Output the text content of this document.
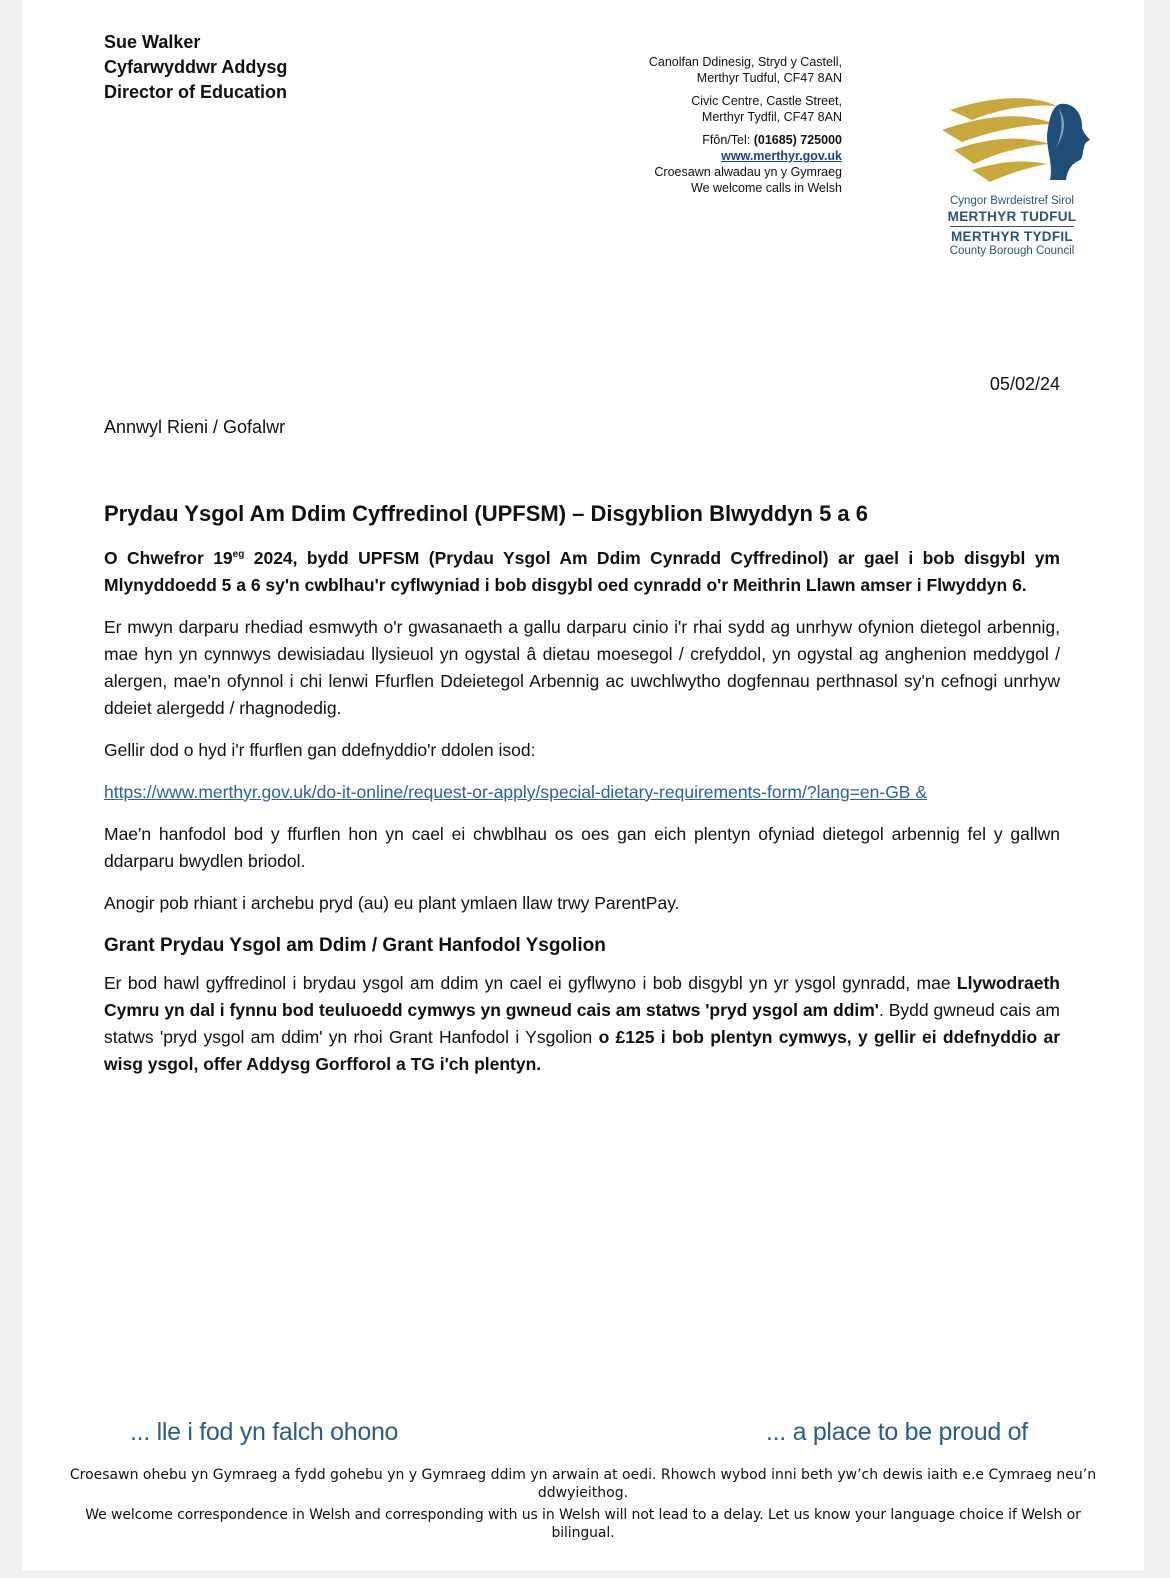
Sue Walker
Cyfarwyddwr Addysg
Director of Education
Canolfan Ddinesig, Stryd y Castell,
Merthyr Tudful, CF47 8AN
Civic Centre, Castle Street,
Merthyr Tydfil, CF47 8AN
Ffôn/Tel: (01685) 725000
www.merthyr.gov.uk
Croesawn alwadau yn y Gymraeg
We welcome calls in Welsh
Cyngor Bwrdeistref Sirol
MERTHYR TUDFUL
MERTHYR TYDFIL
County Borough Council
05/02/24
Annwyl Rieni / Gofalwr
Prydau Ysgol Am Ddim Cyffredinol (UPFSM) – Disgyblion Blwyddyn 5 a 6

O Chwefror $19^{eg}$ 2024, bydd UPFSM (Prydau Ysgol Am Ddim Cynradd Cyffredinol) ar gael i bob disgybl ym Mlynyddoedd 5 a 6 sy'n cwblhau'r cyflwyniad i bob disgybl oed cynradd o'r Meithrin Llawn amser i Flwyddyn 6.

Er mwyn darparu rhediad esmwyth o'r gwasanaeth a gallu darparu cinio i'r rhai sydd ag unrhyw ofynion dietegol arbennig, mae hyn yn cynnwys dewisiadau llysieuol yn ogystal â dietau moesegol / crefyddol, yn ogystal ag anghenion meddygol / alergen, mae'n ofynnol i chi lenwi Ffurflen Ddeietegol Arbennig ac uwchlwytho dogfennau perthnasol sy'n cefnogi unrhyw ddeiet alergedd / rhagnodedig.

Gellir dod o hyd i'r ffurflen gan ddefnyddio'r ddolen isod:

https://www.merthyr.gov.uk/do-it-online/request-or-apply/special-dietary-requirements-form/?lang=en-GB &

Mae'n hanfodol bod y ffurflen hon yn cael ei chwblhau os oes gan eich plentyn ofyniad dietegol arbennig fel y gallwn ddarparu bwydlen briodol.

Anogir pob rhiant i archebu pryd (au) eu plant ymlaen llaw trwy ParentPay.

Grant Prydau Ysgol am Ddim / Grant Hanfodol Ysgolion

Er bod hawl gyffredinol i brydau ysgol am ddim yn cael ei gyflwyno i bob disgybl yn yr ysgol gynradd, mae Llywodraeth Cymru yn dal i fynnu bod teuluoedd cymwys yn gwneud cais am statws 'pryd ysgol am ddim'. Bydd gwneud cais am statws 'pryd ysgol am ddim' yn rhoi Grant Hanfodol i Ysgolion o £125 i bob plentyn cymwys, y gellir ei ddefnyddio ar wisg ysgol, offer Addysg Gorfforol a TG i'ch plentyn.

... lle i fod yn falch ohono	... a place to be proud of
Croesawn ohebu yn Gymraeg a fydd gohebu yn y Gymraeg ddim yn arwain at oedi. Rhowch wybod inni beth yw’ch dewis iaith e.e Cymraeg neu’n ddwyieithog.
We welcome correspondence in Welsh and corresponding with us in Welsh will not lead to a delay. Let us know your language choice if Welsh or bilingual.
